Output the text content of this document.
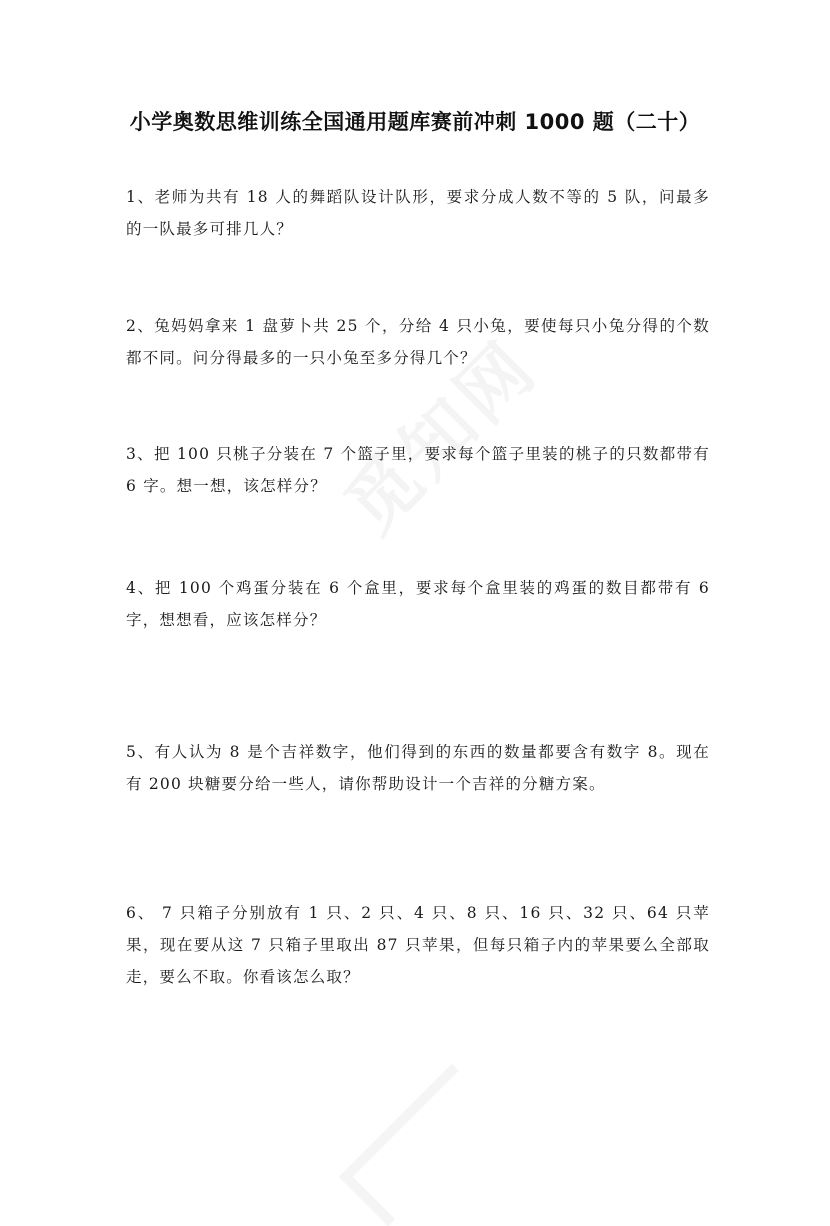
小学奥数思维训练全国通用题库赛前冲刺 1000 题（二十）
1、老师为共有 18 人的舞蹈队设计队形，要求分成人数不等的 5 队，问最多的一队最多可排几人？
2、兔妈妈拿来 1 盘萝卜共 25 个，分给 4 只小兔，要使每只小兔分得的个数都不同。问分得最多的一只小兔至多分得几个？
3、把 100 只桃子分装在 7 个篮子里，要求每个篮子里装的桃子的只数都带有 6 字。想一想，该怎样分？
4、把 100 个鸡蛋分装在 6 个盒里，要求每个盒里装的鸡蛋的数目都带有 6 字，想想看，应该怎样分？
5、有人认为 8 是个吉祥数字，他们得到的东西的数量都要含有数字 8。现在有 200 块糖要分给一些人，请你帮助设计一个吉祥的分糖方案。
6、 7 只箱子分别放有 1 只、2 只、4 只、8 只、16 只、32 只、64 只苹果，现在要从这 7 只箱子里取出 87 只苹果，但每只箱子内的苹果要么全部取走，要么不取。你看该怎么取？
